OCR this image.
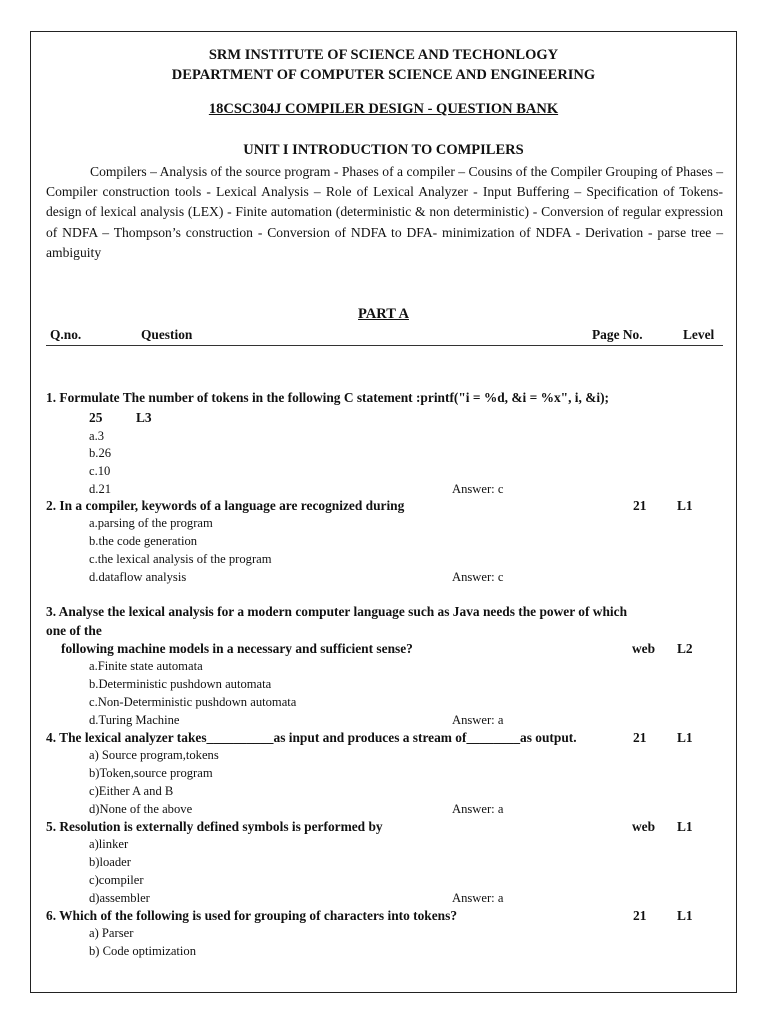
SRM INSTITUTE OF SCIENCE AND TECHONLOGY
DEPARTMENT OF COMPUTER SCIENCE AND ENGINEERING
18CSC304J COMPILER DESIGN - QUESTION BANK
UNIT I INTRODUCTION TO COMPILERS
Compilers – Analysis of the source program - Phases of a compiler – Cousins of the Compiler Grouping of Phases – Compiler construction tools - Lexical Analysis – Role of Lexical Analyzer - Input Buffering – Specification of Tokens- design of lexical analysis (LEX) - Finite automation (deterministic & non deterministic) - Conversion of regular expression of NDFA – Thompson’s construction - Conversion of NDFA to DFA- minimization of NDFA - Derivation - parse tree – ambiguity
PART A
Q.no.	Question	Page No.	Level
1. Formulate The number of tokens in the following C statement :printf("i = %d, &i = %x", i, &i);
25	L3
a.3
b.26
c.10
d.21	Answer: c
2. In a compiler, keywords of a language are recognized during	21 L1
a.parsing of the program
b.the code generation
c.the lexical analysis of the program
d.dataflow analysis	Answer: c
3. Analyse the lexical analysis for a modern computer language such as Java needs the power of which
one of the
following machine models in a necessary and sufficient sense?	web L2
a.Finite state automata
b.Deterministic pushdown automata
c.Non-Deterministic pushdown automata
d.Turing Machine	Answer: a
4. The lexical analyzer takes__________as input and produces a stream of________as output.	21 L1
a) Source program,tokens
b)Token,source program
c)Either A and B
d)None of the above	Answer: a
5. Resolution is externally defined symbols is performed by	web L1
a)linker
b)loader
c)compiler
d)assembler	Answer: a
6. Which of the following is used for grouping of characters into tokens?	21 L1
a) Parser
b) Code optimization
